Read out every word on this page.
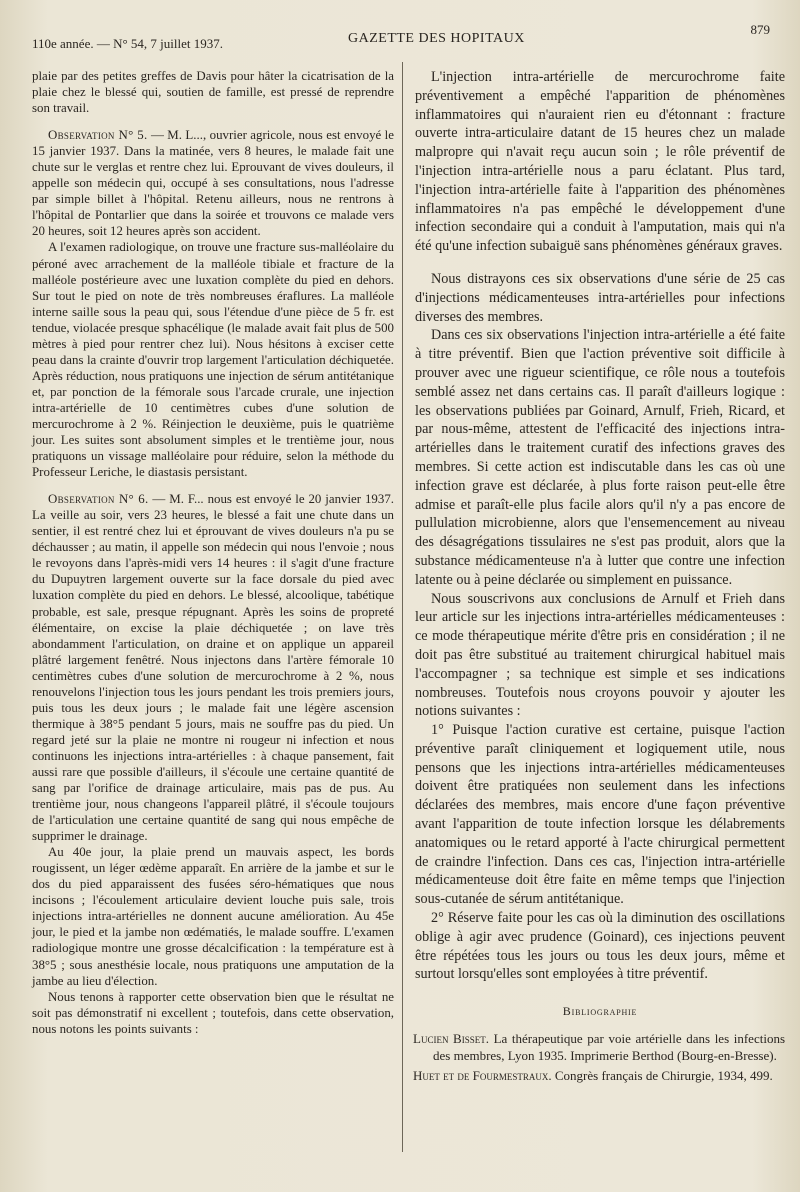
110e année. — N° 54, 7 juillet 1937.	GAZETTE DES HOPITAUX
879

plaie par des petites greffes de Davis pour hâter la cicatrisation de la plaie chez le blessé qui, soutien de famille, est pressé de reprendre son travail.

Observation N° 5. — M. L..., ouvrier agricole, nous est envoyé le 15 janvier 1937. Dans la matinée, vers 8 heures, le malade fait une chute sur le verglas et rentre chez lui. Eprouvant de vives douleurs, il appelle son médecin qui, occupé à ses consultations, nous l'adresse par simple billet à l'hôpital. Retenu ailleurs, nous ne rentrons à l'hôpital de Pontarlier que dans la soirée et trouvons ce malade vers 20 heures, soit 12 heures après son accident.

A l'examen radiologique, on trouve une fracture sus-malléolaire du péroné avec arrachement de la malléole tibiale et fracture de la malléole postérieure avec une luxation complète du pied en dehors. Sur tout le pied on note de très nombreuses éraflures. La malléole interne saille sous la peau qui, sous l'étendue d'une pièce de 5 fr. est tendue, violacée presque sphacélique (le malade avait fait plus de 500 mètres à pied pour rentrer chez lui). Nous hésitons à exciser cette peau dans la crainte d'ouvrir trop largement l'articulation déchiquetée. Après réduction, nous pratiquons une injection de sérum antitétanique et, par ponction de la fémorale sous l'arcade crurale, une injection intra-artérielle de 10 centimètres cubes d'une solution de mercurochrome à 2 %. Réinjection le deuxième, puis le quatrième jour. Les suites sont absolument simples et le trentième jour, nous pratiquons un vissage malléolaire pour réduire, selon la méthode du Professeur Leriche, le diastasis persistant.

Observation N° 6. — M. F... nous est envoyé le 20 janvier 1937. La veille au soir, vers 23 heures, le blessé a fait une chute dans un sentier, il est rentré chez lui et éprouvant de vives douleurs n'a pu se déchausser ; au matin, il appelle son médecin qui nous l'envoie ; nous le revoyons dans l'après-midi vers 14 heures : il s'agit d'une fracture du Dupuytren largement ouverte sur la face dorsale du pied avec luxation complète du pied en dehors. Le blessé, alcoolique, tabétique probable, est sale, presque répugnant. Après les soins de propreté élémentaire, on excise la plaie déchiquetée ; on lave très abondamment l'articulation, on draine et on applique un appareil plâtré largement fenêtré. Nous injectons dans l'artère fémorale 10 centimètres cubes d'une solution de mercurochrome à 2 %, nous renouvelons l'injection tous les jours pendant les trois premiers jours, puis tous les deux jours ; le malade fait une légère ascension thermique à 38°5 pendant 5 jours, mais ne souffre pas du pied. Un regard jeté sur la plaie ne montre ni rougeur ni infection et nous continuons les injections intra-artérielles : à chaque pansement, fait aussi rare que possible d'ailleurs, il s'écoule une certaine quantité de sang par l'orifice de drainage articulaire, mais pas de pus. Au trentième jour, nous changeons l'appareil plâtré, il s'écoule toujours de l'articulation une certaine quantité de sang qui nous empêche de supprimer le drainage.

Au 40e jour, la plaie prend un mauvais aspect, les bords rougissent, un léger œdème apparaît. En arrière de la jambe et sur le dos du pied apparaissent des fusées séro-hématiques que nous incisons ; l'écoulement articulaire devient louche puis sale, trois injections intra-artérielles ne donnent aucune amélioration. Au 45e jour, le pied et la jambe non œdématiés, le malade souffre. L'examen radiologique montre une grosse décalcification : la température est à 38°5 ; sous anesthésie locale, nous pratiquons une amputation de la jambe au lieu d'élection.

Nous tenons à rapporter cette observation bien que le résultat ne soit pas démonstratif ni excellent ; toutefois, dans cette observation, nous notons les points suivants :

L'injection intra-artérielle de mercurochrome faite préventivement a empêché l'apparition de phénomènes inflammatoires qui n'auraient rien eu d'étonnant : fracture ouverte intra-articulaire datant de 15 heures chez un malade malpropre qui n'avait reçu aucun soin ; le rôle préventif de l'injection intra-artérielle nous a paru éclatant. Plus tard, l'injection intra-artérielle faite à l'apparition des phénomènes inflammatoires n'a pas empêché le développement d'une infection secondaire qui a conduit à l'amputation, mais qui n'a été qu'une infection subaiguë sans phénomènes généraux graves.

Nous distrayons ces six observations d'une série de 25 cas d'injections médicamenteuses intra-artérielles pour infections diverses des membres.

Dans ces six observations l'injection intra-artérielle a été faite à titre préventif. Bien que l'action préventive soit difficile à prouver avec une rigueur scientifique, ce rôle nous a toutefois semblé assez net dans certains cas. Il paraît d'ailleurs logique : les observations publiées par Goinard, Arnulf, Frieh, Ricard, et par nous-même, attestent de l'efficacité des injections intra-artérielles dans le traitement curatif des infections graves des membres. Si cette action est indiscutable dans les cas où une infection grave est déclarée, à plus forte raison peut-elle être admise et paraît-elle plus facile alors qu'il n'y a pas encore de pullulation microbienne, alors que l'ensemencement au niveau des désagrégations tissulaires ne s'est pas produit, alors que la substance médicamenteuse n'a à lutter que contre une infection latente ou à peine déclarée ou simplement en puissance.

Nous souscrivons aux conclusions de Arnulf et Frieh dans leur article sur les injections intra-artérielles médicamenteuses : ce mode thérapeutique mérite d'être pris en considération ; il ne doit pas être substitué au traitement chirurgical habituel mais l'accompagner ; sa technique est simple et ses indications nombreuses. Toutefois nous croyons pouvoir y ajouter les notions suivantes :

1° Puisque l'action curative est certaine, puisque l'action préventive paraît cliniquement et logiquement utile, nous pensons que les injections intra-artérielles médicamenteuses doivent être pratiquées non seulement dans les infections déclarées des membres, mais encore d'une façon préventive avant l'apparition de toute infection lorsque les délabrements anatomiques ou le retard apporté à l'acte chirurgical permettent de craindre l'infection. Dans ces cas, l'injection intra-artérielle médicamenteuse doit être faite en même temps que l'injection sous-cutanée de sérum antitétanique.

2° Réserve faite pour les cas où la diminution des oscillations oblige à agir avec prudence (Goinard), ces injections peuvent être répétées tous les jours ou tous les deux jours, même et surtout lorsqu'elles sont employées à titre préventif.

Bibliographie

Lucien Bisset. La thérapeutique par voie artérielle dans les infections des membres, Lyon 1935. Imprimerie Berthod (Bourg-en-Bresse).

Huet et de Fourmestraux. Congrès français de Chirurgie, 1934, 499.
